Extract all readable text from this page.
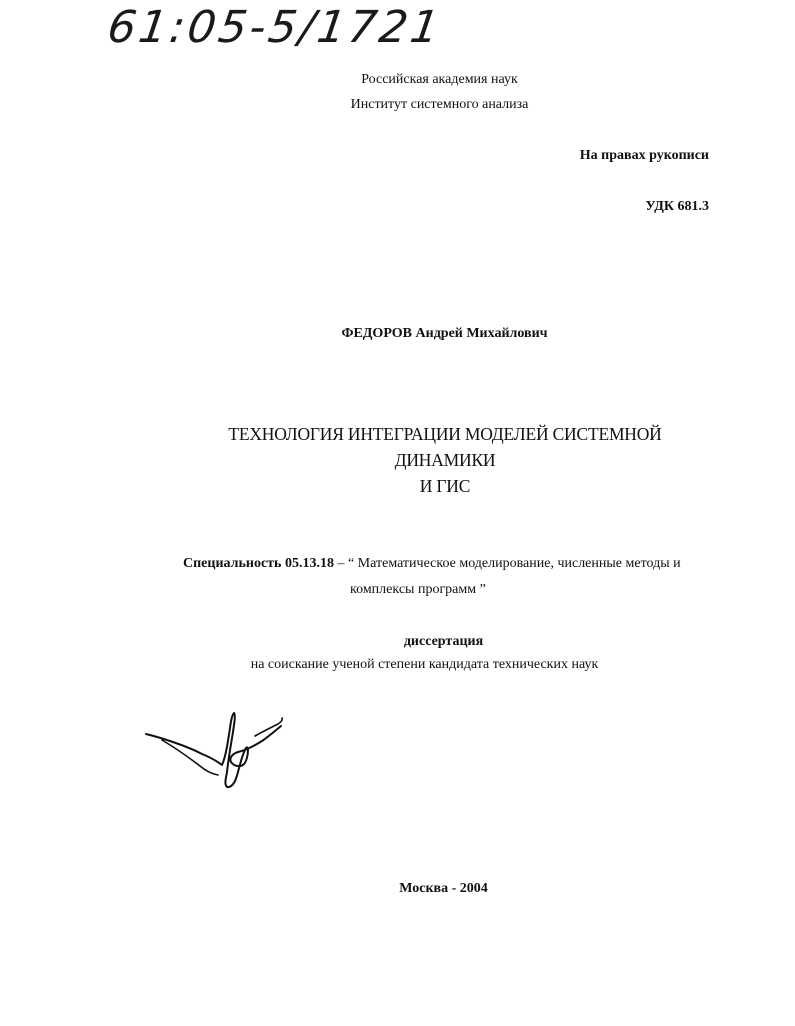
61:05-5/1721
Российская академия наук
Институт системного анализа
На правах рукописи
УДК 681.3
ФЕДОРОВ Андрей Михайлович
ТЕХНОЛОГИЯ ИНТЕГРАЦИИ МОДЕЛЕЙ СИСТЕМНОЙ ДИНАМИКИ
И ГИС
Специальность 05.13.18 – “ Математическое моделирование, численные методы и
комплексы программ ”
диссертация
на соискание ученой степени кандидата технических наук
Москва - 2004
